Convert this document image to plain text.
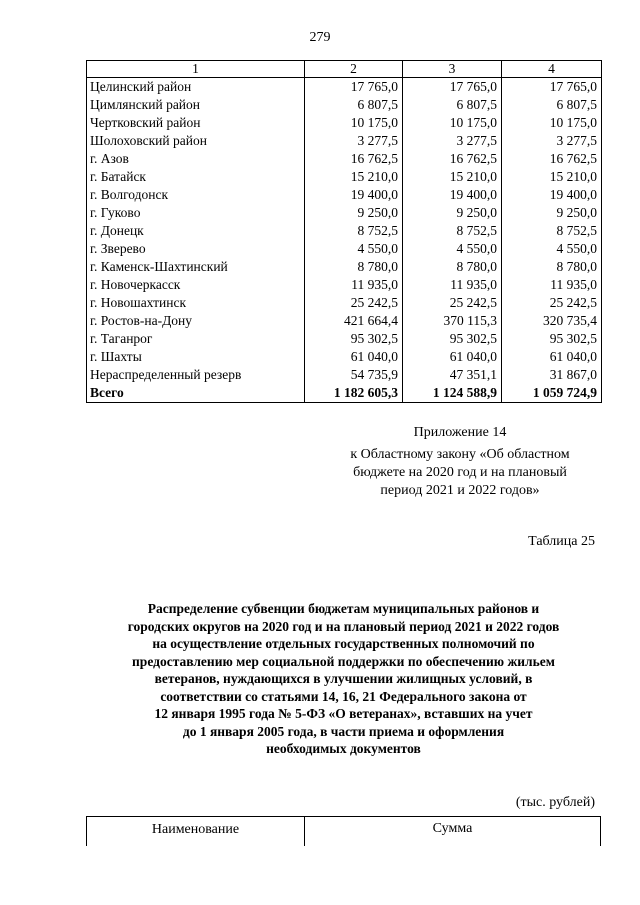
279
1	2	3	4
Целинский район	17 765,0	17 765,0	17 765,0
Цимлянский район	6 807,5	6 807,5	6 807,5
Чертковский район	10 175,0	10 175,0	10 175,0
Шолоховский район	3 277,5	3 277,5	3 277,5
г. Азов	16 762,5	16 762,5	16 762,5
г. Батайск	15 210,0	15 210,0	15 210,0
г. Волгодонск	19 400,0	19 400,0	19 400,0
г. Гуково	9 250,0	9 250,0	9 250,0
г. Донецк	8 752,5	8 752,5	8 752,5
г. Зверево	4 550,0	4 550,0	4 550,0
г. Каменск-Шахтинский	8 780,0	8 780,0	8 780,0
г. Новочеркасск	11 935,0	11 935,0	11 935,0
г. Новошахтинск	25 242,5	25 242,5	25 242,5
г. Ростов-на-Дону	421 664,4	370 115,3	320 735,4
г. Таганрог	95 302,5	95 302,5	95 302,5
г. Шахты	61 040,0	61 040,0	61 040,0
Нераспределенный резерв	54 735,9	47 351,1	31 867,0
Всего	1 182 605,3	1 124 588,9	1 059 724,9
Приложение 14
к Областному закону «Об областном
бюджете на 2020 год и на плановый
период 2021 и 2022 годов»
Таблица 25
Распределение субвенции бюджетам муниципальных районов и
городских округов на 2020 год и на плановый период 2021 и 2022 годов
на осуществление отдельных государственных полномочий по
предоставлению мер социальной поддержки по обеспечению жильем
ветеранов, нуждающихся в улучшении жилищных условий, в
соответствии со статьями 14, 16, 21 Федерального закона от
12 января 1995 года № 5-ФЗ «О ветеранах», вставших на учет
до 1 января 2005 года, в части приема и оформления
необходимых документов
(тыс. рублей)
Наименование	Сумма
